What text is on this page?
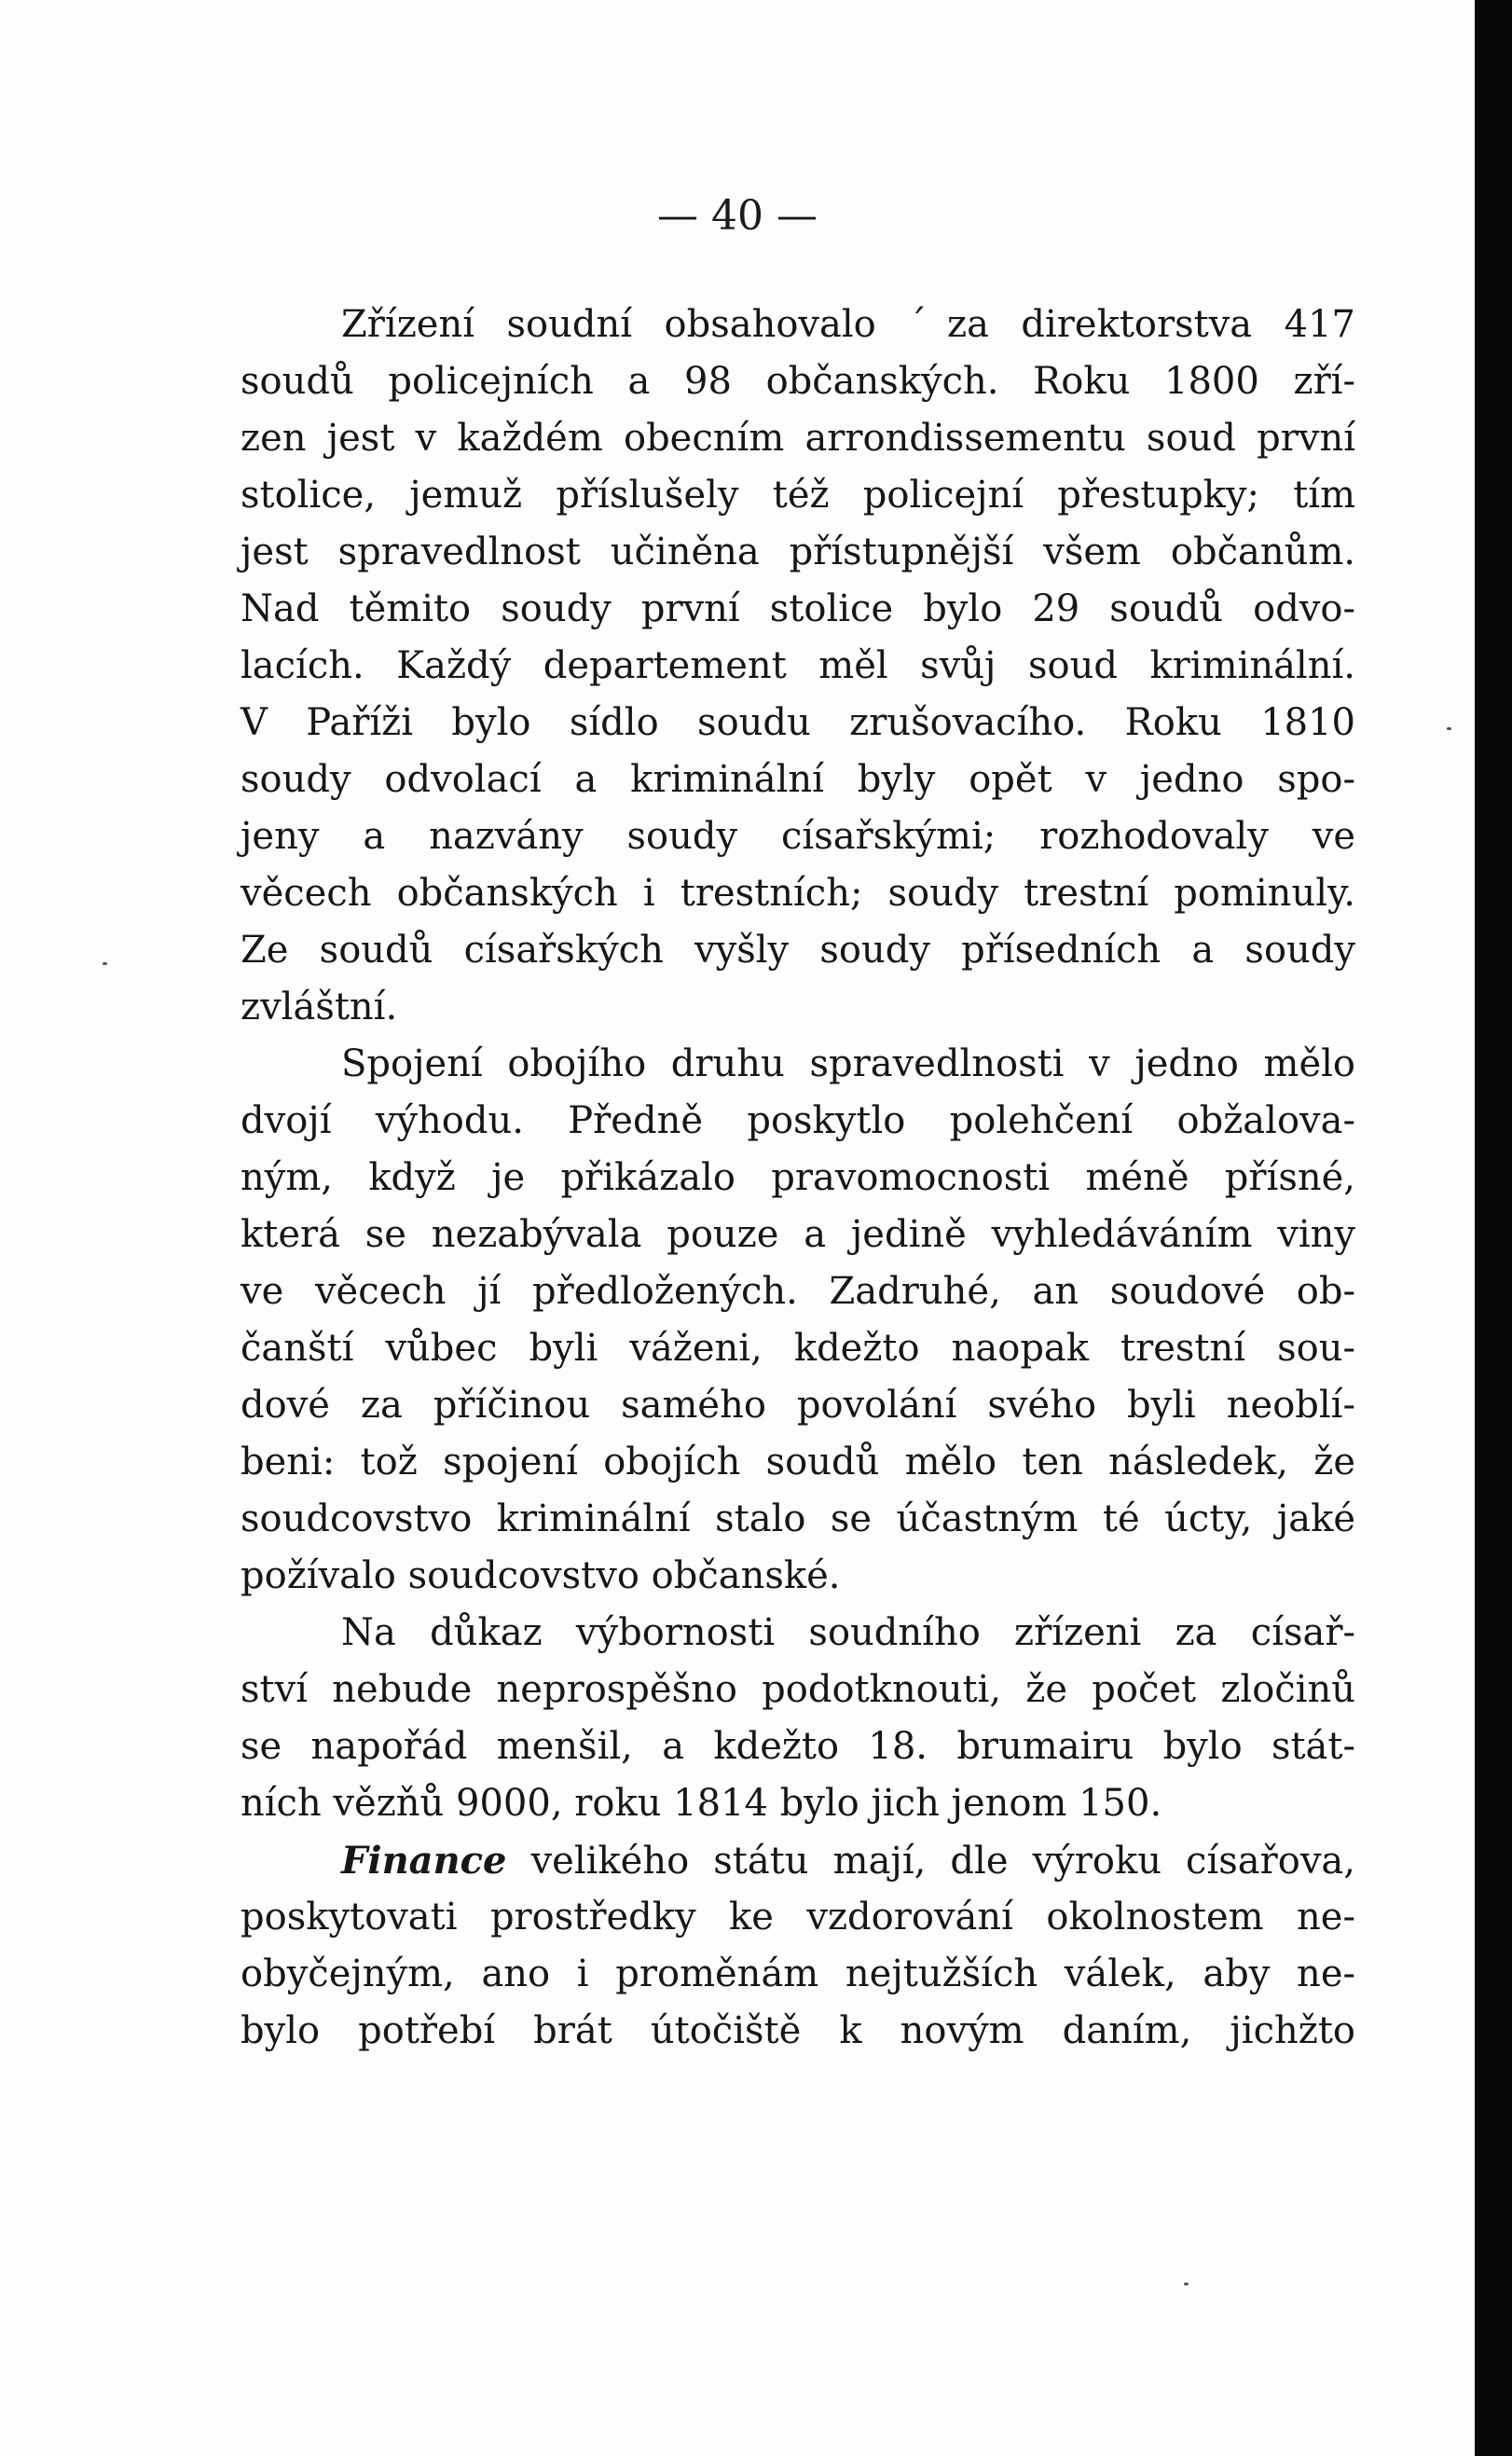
— 40 —
Zřízení soudní obsahovalo ˊza direktorstva 417
soudů policejních a 98 občanských. Roku 1800 zří-
zen jest v každém obecním arrondissementu soud první
stolice, jemuž příslušely též policejní přestupky; tím
jest spravedlnost učiněna přístupnější všem občanům.
Nad těmito soudy první stolice bylo 29 soudů odvo-
lacích. Každý departement měl svůj soud kriminální.
V Paříži bylo sídlo soudu zrušovacího. Roku 1810
soudy odvolací a kriminální byly opět v jedno spo-
jeny a nazvány soudy císařskými; rozhodovaly ve
věcech občanských i trestních; soudy trestní pominuly.
Ze soudů císařských vyšly soudy přísedních a soudy
zvláštní.
Spojení obojího druhu spravedlnosti v jedno mělo
dvojí výhodu. Předně poskytlo polehčení obžalova-
ným, když je přikázalo pravomocnosti méně přísné,
která se nezabývala pouze a jedině vyhledáváním viny
ve věcech jí předložených. Zadruhé, an soudové ob-
čanští vůbec byli váženi, kdežto naopak trestní sou-
dové za příčinou samého povolání svého byli neoblí-
beni: tož spojení obojích soudů mělo ten následek, že
soudcovstvo kriminální stalo se účastným té úcty, jaké
požívalo soudcovstvo občanské.
Na důkaz výbornosti soudního zřízeni za císař-
ství nebude neprospěšno podotknouti, že počet zločinů
se napořád menšil, a kdežto 18. brumairu bylo stát-
ních vězňů 9000, roku 1814 bylo jich jenom 150.
Finance velikého státu mají, dle výroku císařova,
poskytovati prostředky ke vzdorování okolnostem ne-
obyčejným, ano i proměnám nejtužších válek, aby ne-
bylo potřebí brát útočiště k novým daním, jichžto
